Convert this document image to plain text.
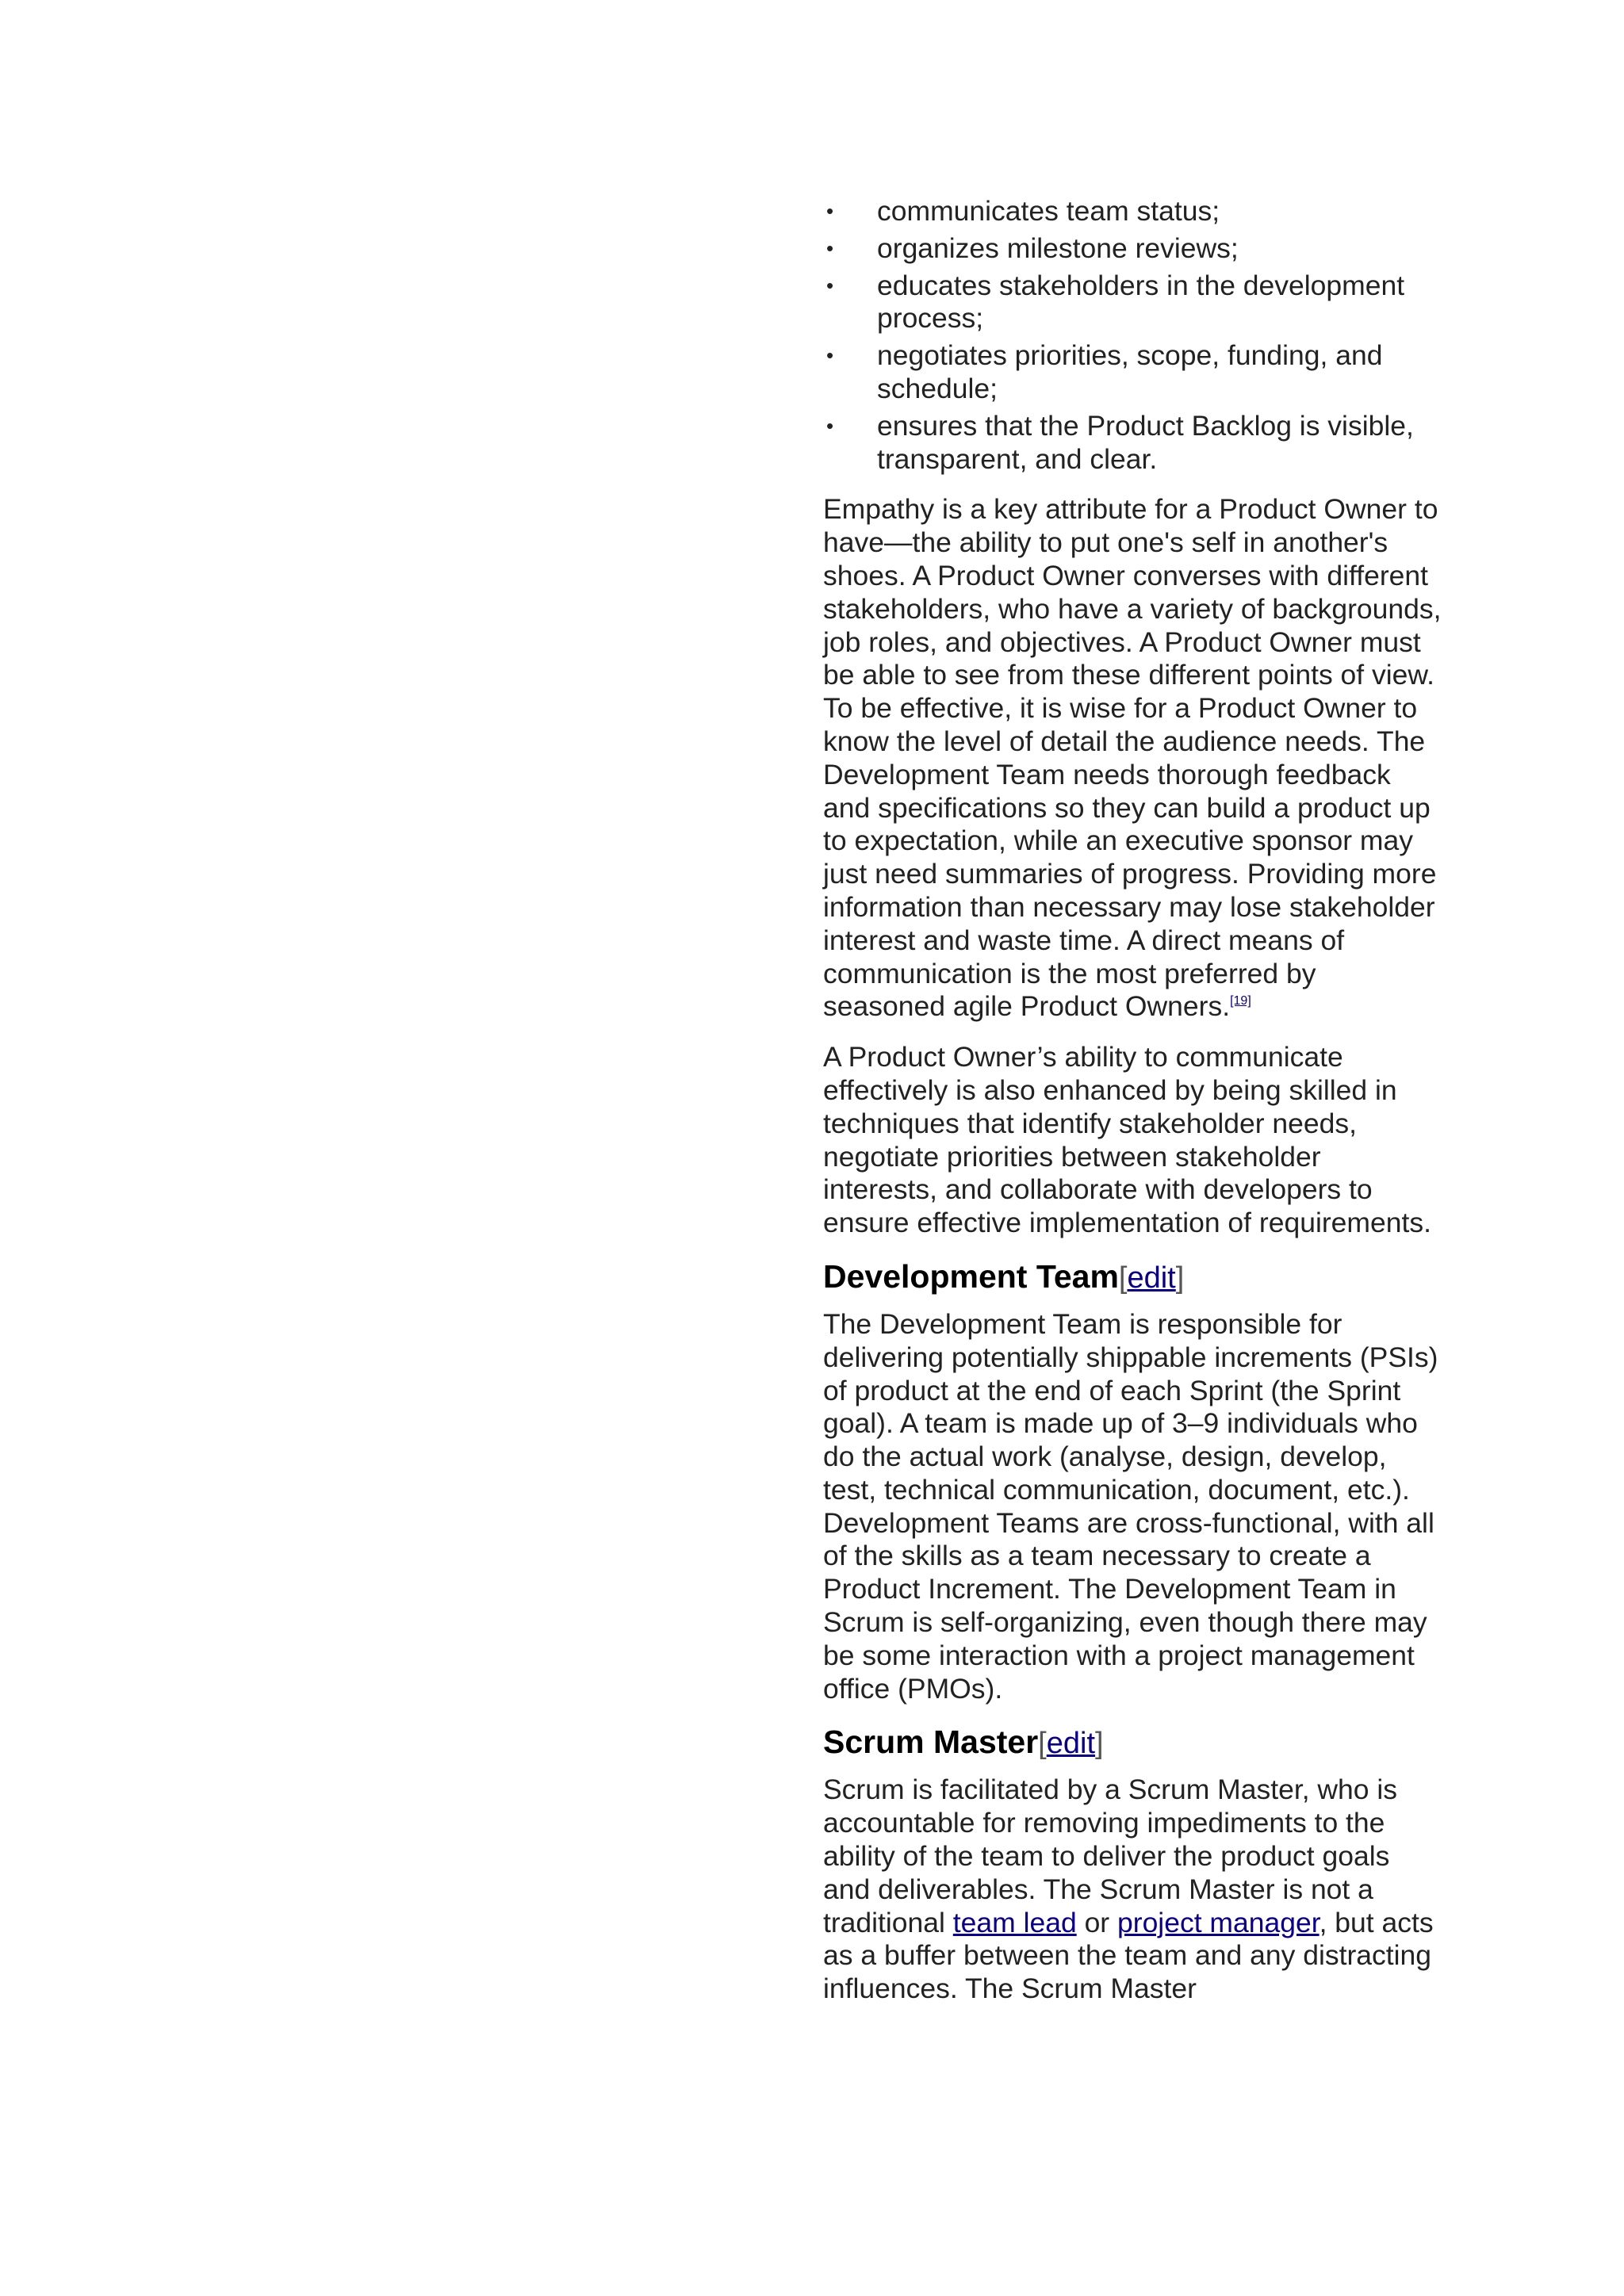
• communicates team status;
• organizes milestone reviews;
• educates stakeholders in the development process;
• negotiates priorities, scope, funding, and schedule;
• ensures that the Product Backlog is visible, transparent, and clear.

Empathy is a key attribute for a Product Owner to have—the ability to put one's self in another's shoes. A Product Owner converses with different stakeholders, who have a variety of backgrounds, job roles, and objectives. A Product Owner must be able to see from these different points of view. To be effective, it is wise for a Product Owner to know the level of detail the audience needs. The Development Team needs thorough feedback and specifications so they can build a product up to expectation, while an executive sponsor may just need summaries of progress. Providing more information than necessary may lose stakeholder interest and waste time. A direct means of communication is the most preferred by seasoned agile Product Owners.[19]

A Product Owner’s ability to communicate effectively is also enhanced by being skilled in techniques that identify stakeholder needs, negotiate priorities between stakeholder interests, and collaborate with developers to ensure effective implementation of requirements.

Development Team[edit]

The Development Team is responsible for delivering potentially shippable increments (PSIs) of product at the end of each Sprint (the Sprint goal). A team is made up of 3–9 individuals who do the actual work (analyse, design, develop, test, technical communication, document, etc.). Development Teams are cross-functional, with all of the skills as a team necessary to create a Product Increment. The Development Team in Scrum is self-organizing, even though there may be some interaction with a project management office (PMOs).

Scrum Master[edit]

Scrum is facilitated by a Scrum Master, who is accountable for removing impediments to the ability of the team to deliver the product goals and deliverables. The Scrum Master is not a traditional team lead or project manager, but acts as a buffer between the team and any distracting influences. The Scrum Master
